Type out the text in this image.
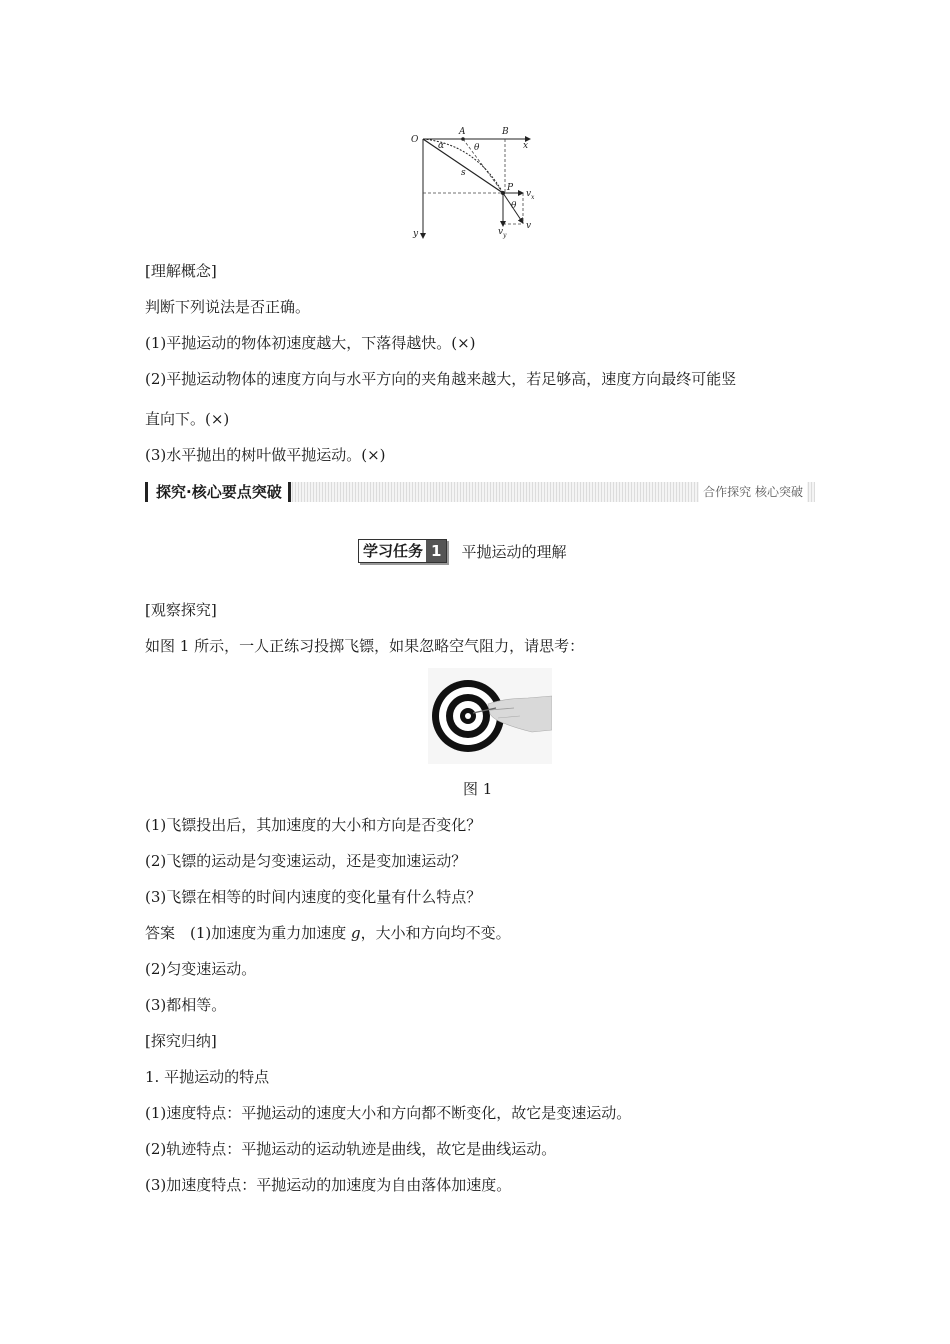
O
A	B
x
y
α	θ
s
P
v x
θ
v
v y
[理解概念]
判断下列说法是否正确。
(1)平抛运动的物体初速度越大，下落得越快。(×)
(2)平抛运动物体的速度方向与水平方向的夹角越来越大，若足够高，速度方向最终可能竖
直向下。(×)
(3)水平抛出的树叶做平抛运动。(×)
探究·核心要点突破	合作探究 核心突破
学习任务 1 平抛运动的理解
[观察探究]
如图 1 所示，一人正练习投掷飞镖，如果忽略空气阻力，请思考：
图 1
(1)飞镖投出后，其加速度的大小和方向是否变化？
(2)飞镖的运动是匀变速运动，还是变加速运动？
(3)飞镖在相等的时间内速度的变化量有什么特点？
答案　(1)加速度为重力加速度 g，大小和方向均不变。
(2)匀变速运动。
(3)都相等。
[探究归纳]
1. 平抛运动的特点
(1)速度特点：平抛运动的速度大小和方向都不断变化，故它是变速运动。
(2)轨迹特点：平抛运动的运动轨迹是曲线，故它是曲线运动。
(3)加速度特点：平抛运动的加速度为自由落体加速度。
